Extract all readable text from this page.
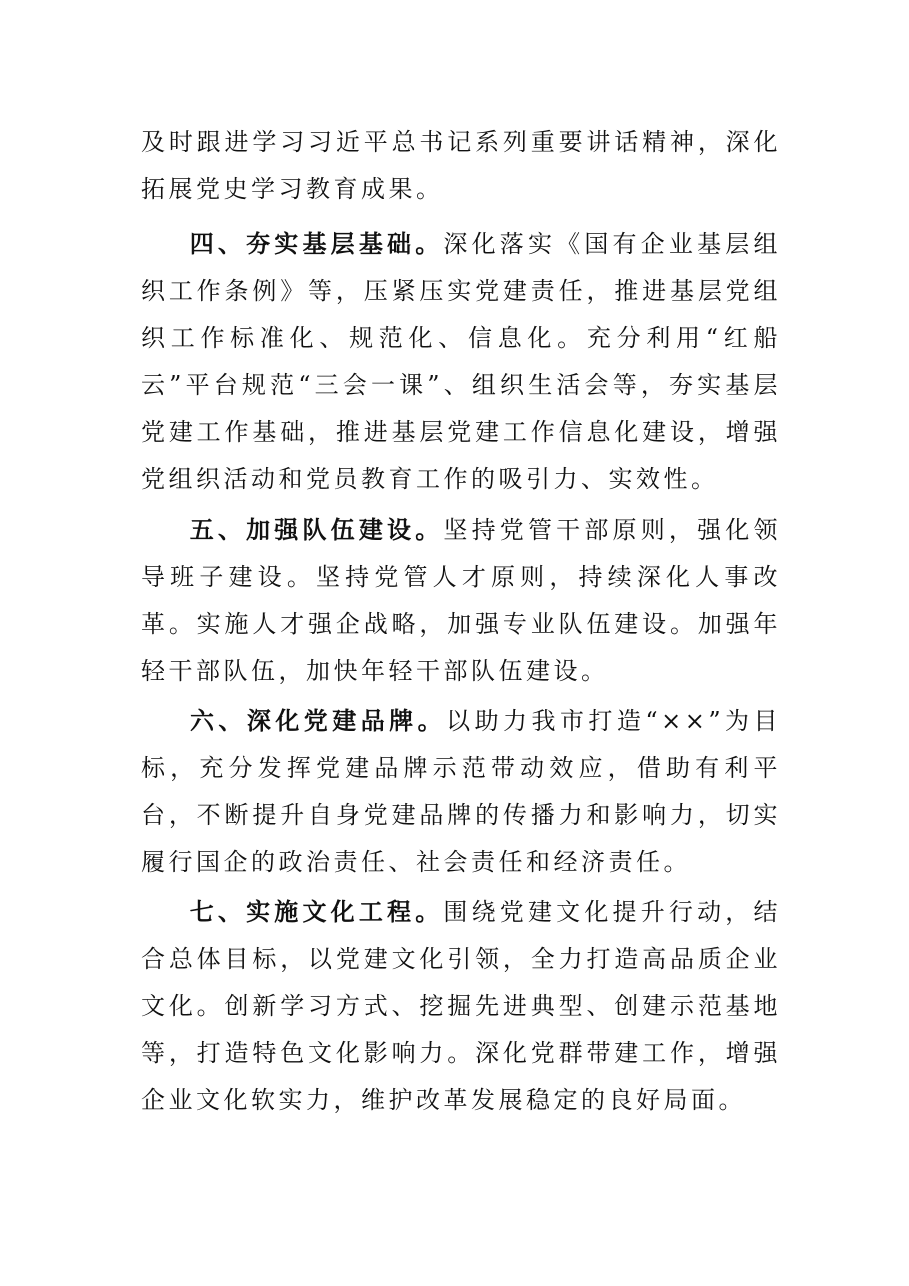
及时跟进学习习近平总书记系列重要讲话精神，深化拓展党史学习教育成果。

四、夯实基层基础。深化落实《国有企业基层组织工作条例》等，压紧压实党建责任，推进基层党组织工作标准化、规范化、信息化。充分利用“红船云”平台规范“三会一课”、组织生活会等，夯实基层党建工作基础，推进基层党建工作信息化建设，增强党组织活动和党员教育工作的吸引力、实效性。

五、加强队伍建设。坚持党管干部原则，强化领导班子建设。坚持党管人才原则，持续深化人事改革。实施人才强企战略，加强专业队伍建设。加强年轻干部队伍，加快年轻干部队伍建设。

六、深化党建品牌。以助力我市打造“××”为目标，充分发挥党建品牌示范带动效应，借助有利平台，不断提升自身党建品牌的传播力和影响力，切实履行国企的政治责任、社会责任和经济责任。

七、实施文化工程。围绕党建文化提升行动，结合总体目标，以党建文化引领，全力打造高品质企业文化。创新学习方式、挖掘先进典型、创建示范基地等，打造特色文化影响力。深化党群带建工作，增强企业文化软实力，维护改革发展稳定的良好局面。
